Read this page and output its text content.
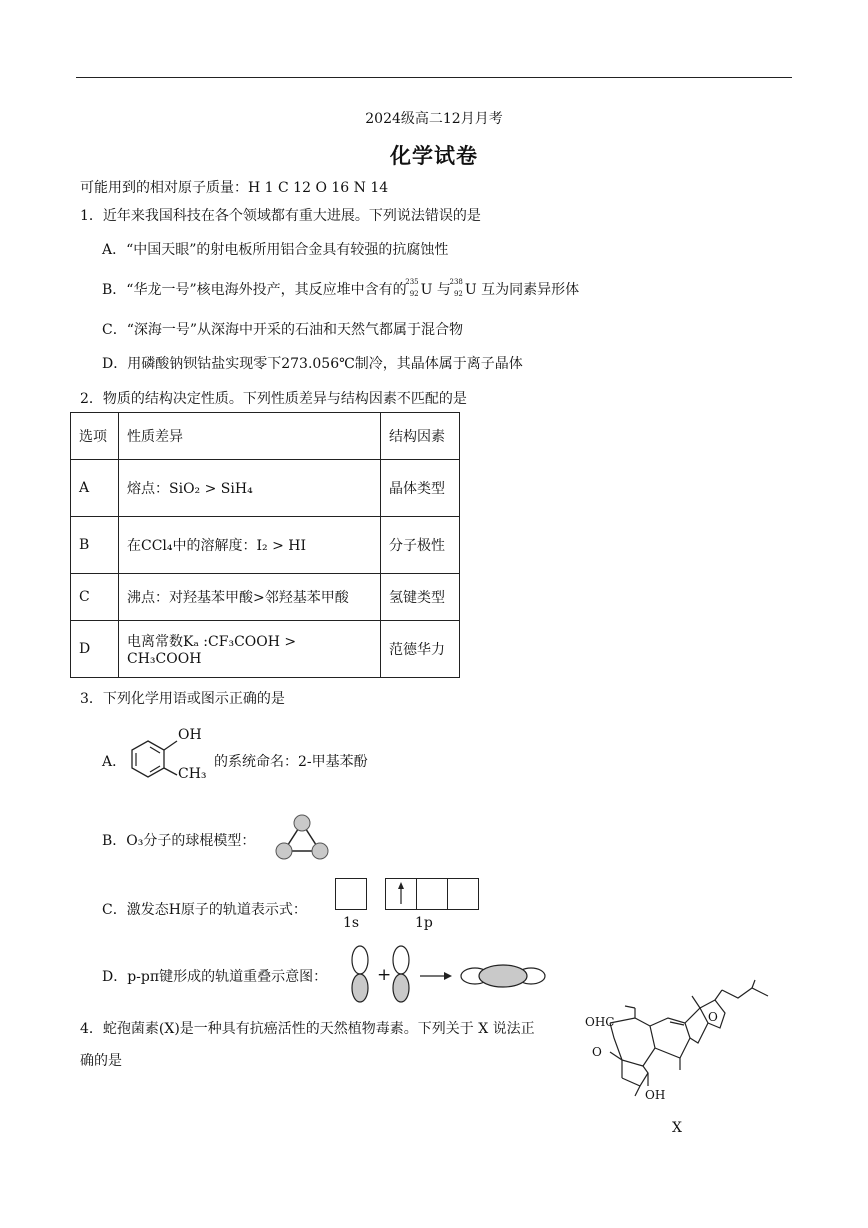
2024级高二12月月考
化学试卷
可能用到的相对原子质量：H 1 C 12 O 16 N 14
1．近年来我国科技在各个领域都有重大进展。下列说法错误的是
A．“中国天眼”的射电板所用铝合金具有较强的抗腐蚀性
B．“华龙一号”核电海外投产，其反应堆中含有的
235
92 U 与
238
92 U 互为同素异形体
C．“深海一号”从深海中开采的石油和天然气都属于混合物
D．用磷酸钠钡钴盐实现零下273.056℃制冷，其晶体属于离子晶体
2．物质的结构决定性质。下列性质差异与结构因素不匹配的是
选项	性质差异	结构因素
A	熔点：SiO₂ > SiH₄	晶体类型
B	在CCl₄中的溶解度：I₂ > HI	分子极性
C	沸点：对羟基苯甲酸>邻羟基苯甲酸	氢键类型
D	电离常数Kₐ :CF₃COOH > CH₃COOH	范德华力
3．下列化学用语或图示正确的是
A．
OH
CH₃
的系统命名：2-甲基苯酚
B．O₃分子的球棍模型：
C．激发态H原子的轨道表示式：

1s	1p
D．p-pπ键形成的轨道重叠示意图：	+
4．蛇孢菌素(X)是一种具有抗癌活性的天然植物毒素。下列关于 X 说法正
确的是
OHC
O
OH
O
X
